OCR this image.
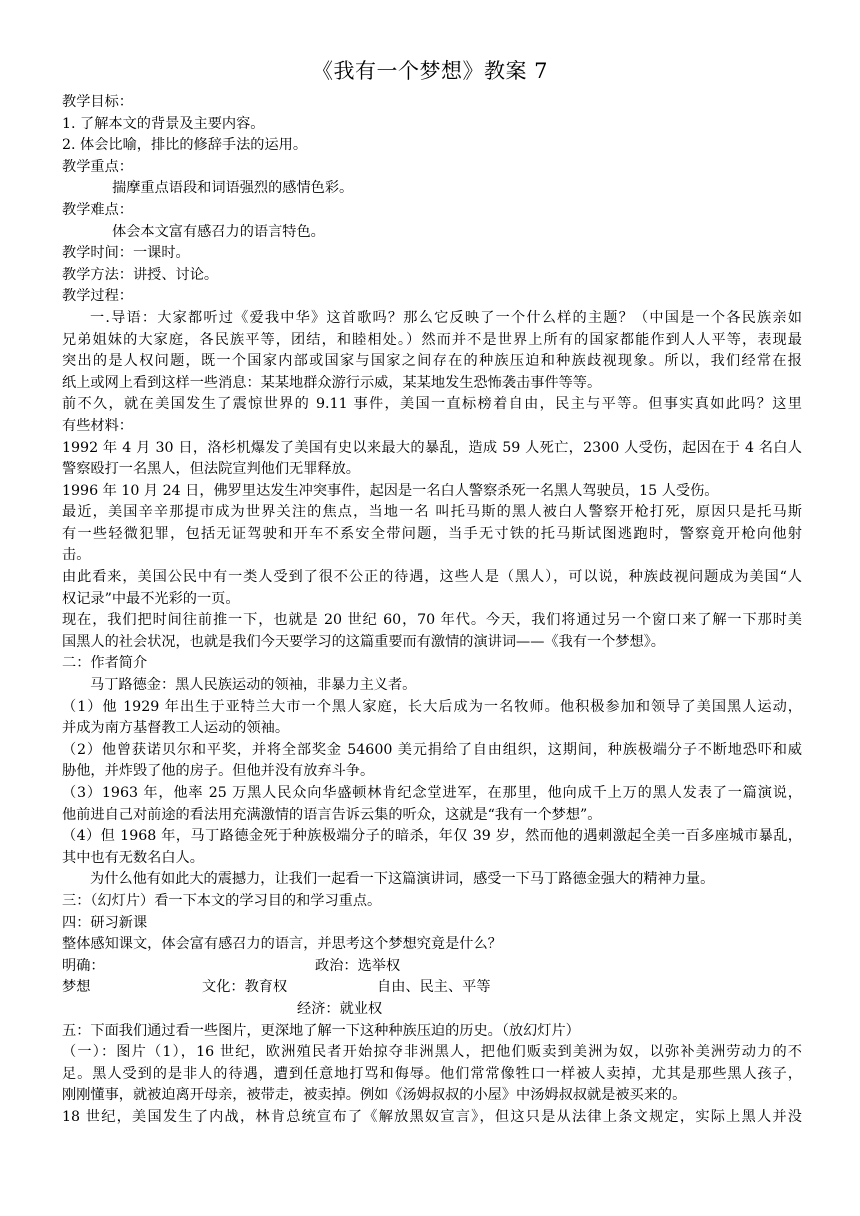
《我有一个梦想》教案 7
教学目标：
1. 了解本文的背景及主要内容。
2. 体会比喻，排比的修辞手法的运用。
教学重点：
揣摩重点语段和词语强烈的感情色彩。
教学难点：
体会本文富有感召力的语言特色。
教学时间：一课时。
教学方法：讲授、讨论。
教学过程：
一.导语：大家都听过《爱我中华》这首歌吗？那么它反映了一个什么样的主题？（中国是一个各民族亲如
兄弟姐妹的大家庭，各民族平等，团结，和睦相处。）然而并不是世界上所有的国家都能作到人人平等，表现最
突出的是人权问题，既一个国家内部或国家与国家之间存在的种族压迫和种族歧视现象。所以，我们经常在报
纸上或网上看到这样一些消息：某某地群众游行示威，某某地发生恐怖袭击事件等等。
前不久，就在美国发生了震惊世界的 9.11 事件，美国一直标榜着自由，民主与平等。但事实真如此吗？这里
有些材料：
1992 年 4 月 30 日，洛杉机爆发了美国有史以来最大的暴乱，造成 59 人死亡，2300 人受伤，起因在于 4 名白人
警察殴打一名黑人，但法院宣判他们无罪释放。
1996 年 10 月 24 日，佛罗里达发生冲突事件，起因是一名白人警察杀死一名黑人驾驶员，15 人受伤。
最近，美国辛辛那提市成为世界关注的焦点，当地一名 叫托马斯的黑人被白人警察开枪打死，原因只是托马斯
有一些轻微犯罪，包括无证驾驶和开车不系安全带问题，当手无寸铁的托马斯试图逃跑时，警察竟开枪向他射
击。
由此看来，美国公民中有一类人受到了很不公正的待遇，这些人是（黑人），可以说，种族歧视问题成为美国“人
权记录”中最不光彩的一页。
现在，我们把时间往前推一下，也就是 20 世纪 60，70 年代。今天，我们将通过另一个窗口来了解一下那时美
国黑人的社会状况，也就是我们今天要学习的这篇重要而有激情的演讲词——《我有一个梦想》。
二：作者简介
马丁路德金：黑人民族运动的领袖，非暴力主义者。
（1）他 1929 年出生于亚特兰大市一个黑人家庭，长大后成为一名牧师。他积极参加和领导了美国黑人运动，
并成为南方基督教工人运动的领袖。
（2）他曾获诺贝尔和平奖，并将全部奖金 54600 美元捐给了自由组织，这期间，种族极端分子不断地恐吓和威
胁他，并炸毁了他的房子。但他并没有放弃斗争。
（3）1963 年，他率 25 万黑人民众向华盛顿林肯纪念堂进军，在那里，他向成千上万的黑人发表了一篇演说，
他前进自己对前途的看法用充满激情的语言告诉云集的听众，这就是“我有一个梦想”。
（4）但 1968 年，马丁路德金死于种族极端分子的暗杀，年仅 39 岁，然而他的遇刺激起全美一百多座城市暴乱，
其中也有无数名白人。
为什么他有如此大的震撼力，让我们一起看一下这篇演讲词，感受一下马丁路德金强大的精神力量。
三：（幻灯片）看一下本文的学习目的和学习重点。
四：研习新课
整体感知课文，体会富有感召力的语言，并思考这个梦想究竟是什么？
明确：	政治：选举权
梦想	文化：教育权	自由、民主、平等
经济：就业权
五：下面我们通过看一些图片，更深地了解一下这种种族压迫的历史。（放幻灯片）
（一）：图片（1），16 世纪，欧洲殖民者开始掠夺非洲黑人，把他们贩卖到美洲为奴，以弥补美洲劳动力的不
足。黑人受到的是非人的待遇，遭到任意地打骂和侮辱。他们常常像牲口一样被人卖掉，尤其是那些黑人孩子，
刚刚懂事，就被迫离开母亲，被带走，被卖掉。例如《汤姆叔叔的小屋》中汤姆叔叔就是被买来的。
18 世纪，美国发生了内战，林肯总统宣布了《解放黑奴宣言》，但这只是从法律上条文规定，实际上黑人并没
